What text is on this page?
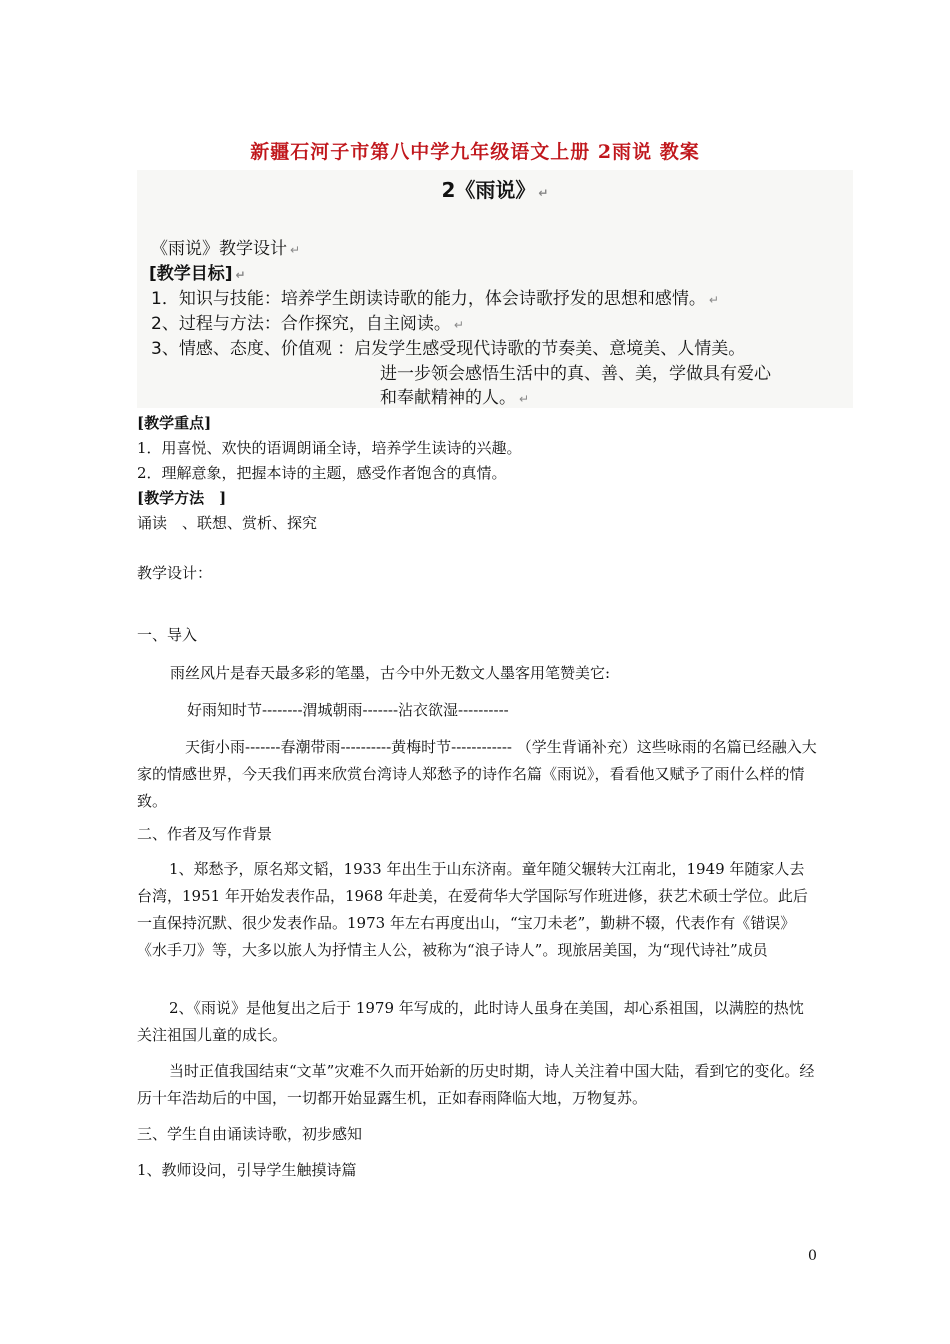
新疆石河子市第八中学九年级语文上册 2雨说 教案
2《雨说》 ↵
《雨说》教学设计 ↵
[教学目标] ↵
1．知识与技能：培养学生朗读诗歌的能力，体会诗歌抒发的思想和感情。 ↵
2、过程与方法：合作探究，自主阅读。 ↵
3、情感、态度、价值观 ：启发学生感受现代诗歌的节奏美、意境美、人情美。
进一步领会感悟生活中的真、善、美，学做具有爱心
和奉献精神的人。 ↵
[教学重点]
1．用喜悦、欢快的语调朗诵全诗，培养学生读诗的兴趣。
2．理解意象，把握本诗的主题，感受作者饱含的真情。
[教学方法　]
诵读　、联想、赏析、探究
教学设计：
一、导入
雨丝风片是春天最多彩的笔墨，古今中外无数文人墨客用笔赞美它:
好雨知时节--------渭城朝雨-------沾衣欲湿----------
天街小雨-------春潮带雨----------黄梅时节------------ （学生背诵补充）这些咏雨的名篇已经融入大家的情感世界，今天我们再来欣赏台湾诗人郑愁予的诗作名篇《雨说》，看看他又赋予了雨什么样的情致。
二、作者及写作背景
1、郑愁予，原名郑文韬，1933 年出生于山东济南。童年随父辗转大江南北，1949 年随家人去台湾，1951 年开始发表作品，1968 年赴美，在爱荷华大学国际写作班进修，获艺术硕士学位。此后一直保持沉默、很少发表作品。1973 年左右再度出山，“宝刀未老”，勤耕不辍，代表作有《错误》《水手刀》等，大多以旅人为抒情主人公，被称为“浪子诗人”。现旅居美国，为“现代诗社”成员
2、《雨说》是他复出之后于 1979 年写成的，此时诗人虽身在美国，却心系祖国，以满腔的热忱关注祖国儿童的成长。
当时正值我国结束“文革”灾难不久而开始新的历史时期，诗人关注着中国大陆，看到它的变化。经历十年浩劫后的中国，一切都开始显露生机，正如春雨降临大地，万物复苏。
三、学生自由诵读诗歌，初步感知
1、教师设问，引导学生触摸诗篇
0
